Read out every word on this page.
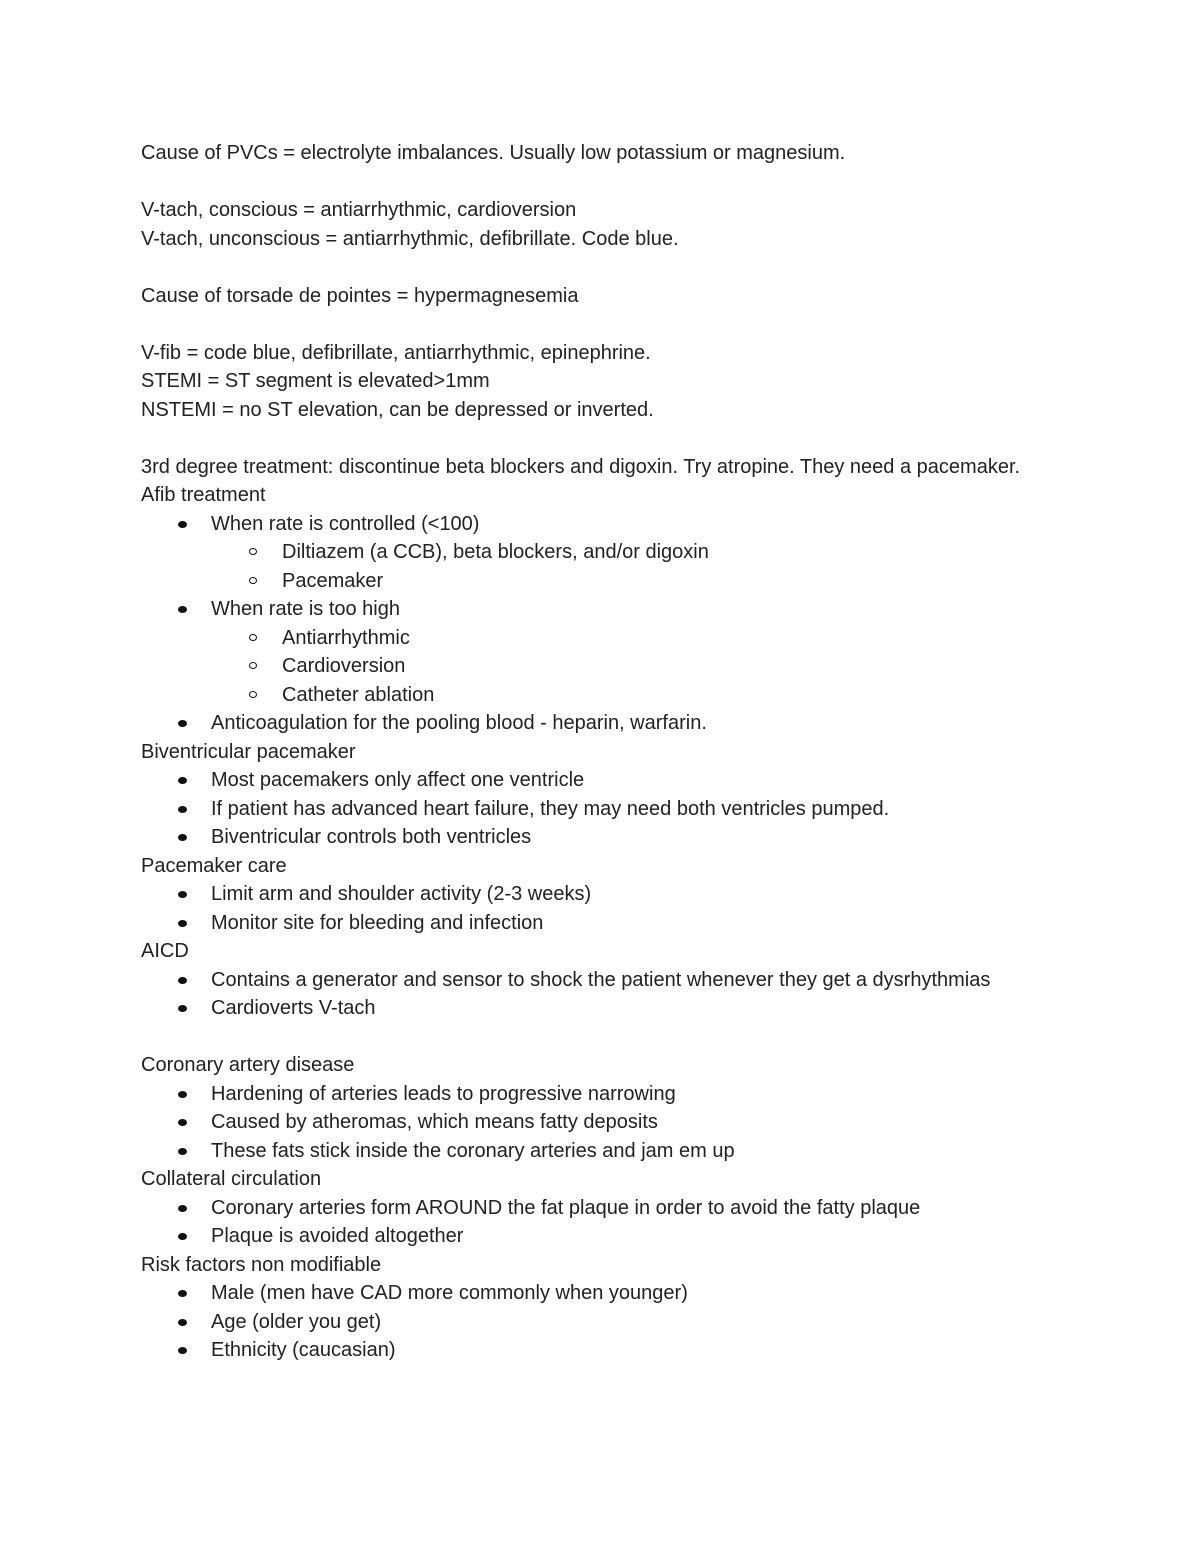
Cause of PVCs = electrolyte imbalances. Usually low potassium or magnesium.

V-tach, conscious = antiarrhythmic, cardioversion

V-tach, unconscious = antiarrhythmic, defibrillate. Code blue.

Cause of torsade de pointes = hypermagnesemia

V-fib = code blue, defibrillate, antiarrhythmic, epinephrine.

STEMI = ST segment is elevated>1mm

NSTEMI = no ST elevation, can be depressed or inverted.

3rd degree treatment: discontinue beta blockers and digoxin. Try atropine. They need a pacemaker.

Afib treatment

When rate is controlled (<100)
Diltiazem (a CCB), beta blockers, and/or digoxin
Pacemaker
When rate is too high
Antiarrhythmic
Cardioversion
Catheter ablation
Anticoagulation for the pooling blood - heparin, warfarin.

Biventricular pacemaker

Most pacemakers only affect one ventricle
If patient has advanced heart failure, they may need both ventricles pumped.
Biventricular controls both ventricles

Pacemaker care

Limit arm and shoulder activity (2-3 weeks)
Monitor site for bleeding and infection

AICD

Contains a generator and sensor to shock the patient whenever they get a dysrhythmias
Cardioverts V-tach

Coronary artery disease

Hardening of arteries leads to progressive narrowing
Caused by atheromas, which means fatty deposits
These fats stick inside the coronary arteries and jam em up

Collateral circulation

Coronary arteries form AROUND the fat plaque in order to avoid the fatty plaque
Plaque is avoided altogether

Risk factors non modifiable

Male (men have CAD more commonly when younger)
Age (older you get)
Ethnicity (caucasian)
